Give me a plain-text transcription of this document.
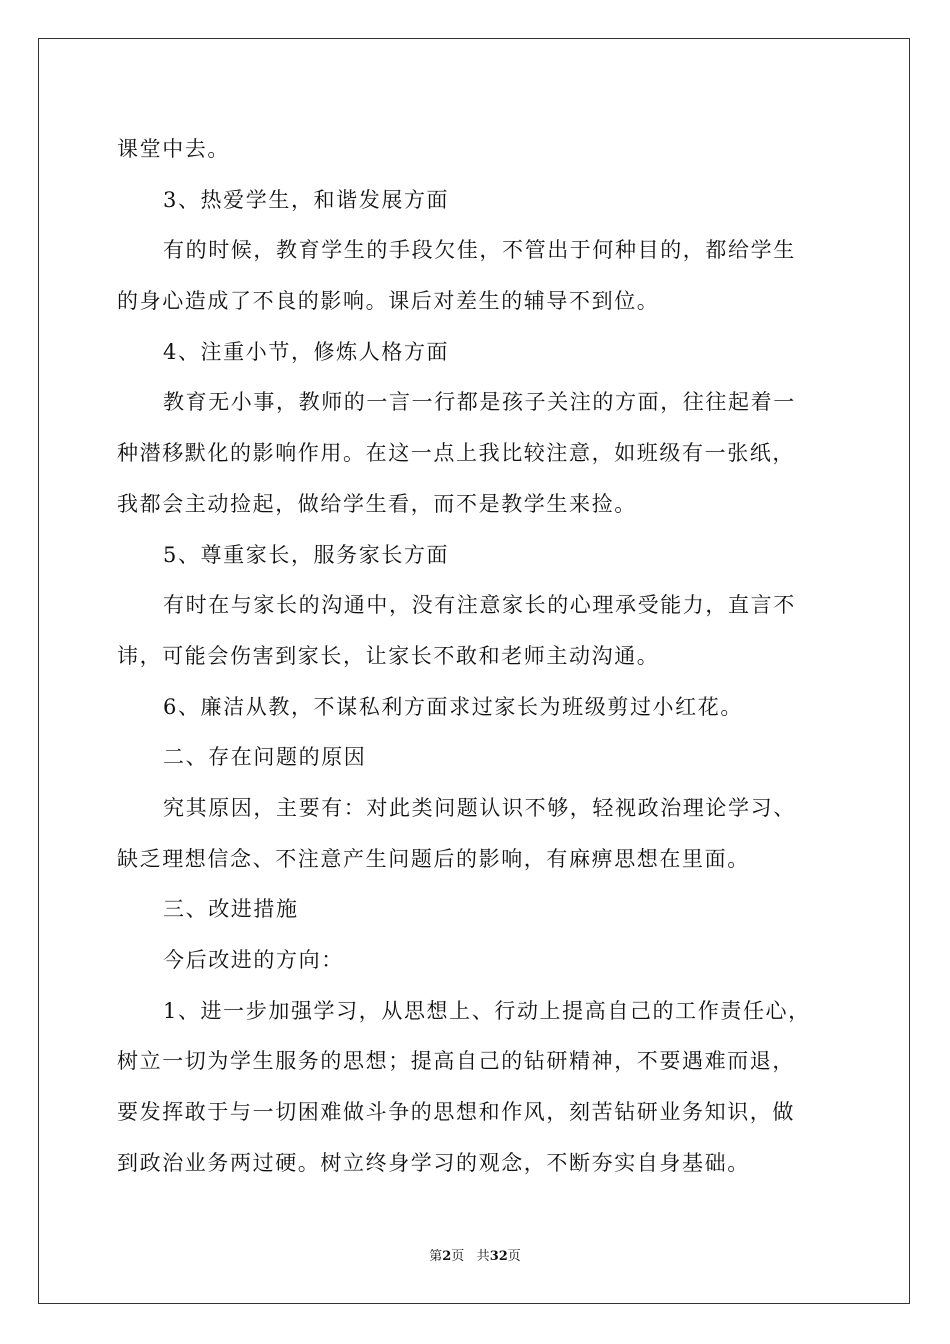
课堂中去。
3、热爱学生，和谐发展方面
有的时候，教育学生的手段欠佳，不管出于何种目的，都给学生
的身心造成了不良的影响。课后对差生的辅导不到位。
4、注重小节，修炼人格方面
教育无小事，教师的一言一行都是孩子关注的方面，往往起着一
种潜移默化的影响作用。在这一点上我比较注意，如班级有一张纸，
我都会主动捡起，做给学生看，而不是教学生来捡。
5、尊重家长，服务家长方面
有时在与家长的沟通中，没有注意家长的心理承受能力，直言不
讳，可能会伤害到家长，让家长不敢和老师主动沟通。
6、廉洁从教，不谋私利方面求过家长为班级剪过小红花。
二、存在问题的原因
究其原因，主要有：对此类问题认识不够，轻视政治理论学习、
缺乏理想信念、不注意产生问题后的影响，有麻痹思想在里面。
三、改进措施
今后改进的方向：
1、进一步加强学习，从思想上、行动上提高自己的工作责任心，
树立一切为学生服务的思想；提高自己的钻研精神，不要遇难而退，
要发挥敢于与一切困难做斗争的思想和作风，刻苦钻研业务知识，做
到政治业务两过硬。树立终身学习的观念，不断夯实自身基础。
第2页 共32页
